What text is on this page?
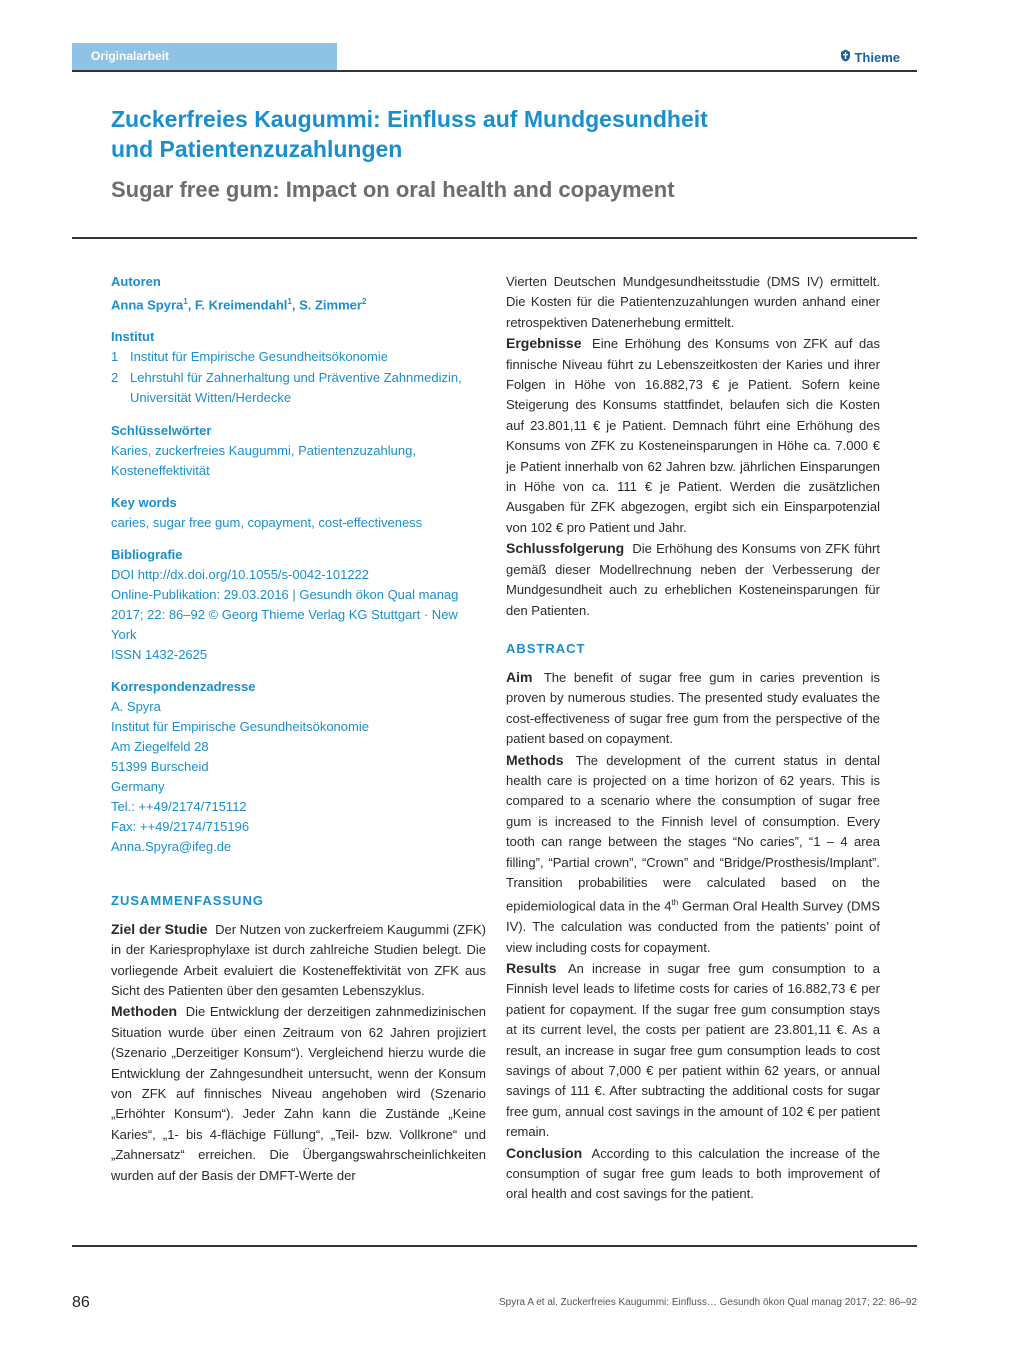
Originalarbeit	Thieme
Zuckerfreies Kaugummi: Einfluss auf Mundgesundheit
und Patientenzuzahlungen
Sugar free gum: Impact on oral health and copayment
Autoren
Anna Spyra$^1$, F. Kreimendahl$^1$, S. Zimmer$^2$
Institut
1 Institut für Empirische Gesundheitsökonomie
2 Lehrstuhl für Zahnerhaltung und Präventive Zahnmedizin, Universität Witten/Herdecke
Schlüsselwörter
Karies, zuckerfreies Kaugummi, Patientenzuzahlung, Kosteneffektivität
Key words
caries, sugar free gum, copayment, cost-effectiveness
Bibliografie
DOI http://dx.doi.org/10.1055/s-0042-101222
Online-Publikation: 29.03.2016 | Gesundh ökon Qual manag 2017; 22: 86–92 © Georg Thieme Verlag KG Stuttgart · New York
ISSN 1432-2625
Korrespondenzadresse
A. Spyra
Institut für Empirische Gesundheitsökonomie
Am Ziegelfeld 28
51399 Burscheid
Germany
Tel.: ++49/2174/715112
Fax: ++49/2174/715196
Anna.Spyra@ifeg.de
ZUSAMMENFASSUNG

Ziel der Studie Der Nutzen von zuckerfreiem Kaugummi (ZFK) in der Kariesprophylaxe ist durch zahlreiche Studien belegt. Die vorliegende Arbeit evaluiert die Kosteneffektivität von ZFK aus Sicht des Patienten über den gesamten Lebenszyklus.

Methoden Die Entwicklung der derzeitigen zahnmedizinischen Situation wurde über einen Zeitraum von 62 Jahren projiziert (Szenario „Derzeitiger Konsum“). Vergleichend hierzu wurde die Entwicklung der Zahngesundheit untersucht, wenn der Konsum von ZFK auf finnisches Niveau angehoben wird (Szenario „Erhöhter Konsum“). Jeder Zahn kann die Zustände „Keine Karies“, „1- bis 4-flächige Füllung“, „Teil- bzw. Vollkrone“ und „Zahnersatz“ erreichen. Die Übergangswahrscheinlichkeiten wurden auf der Basis der DMFT-Werte der

Vierten Deutschen Mundgesundheitsstudie (DMS IV) ermittelt. Die Kosten für die Patientenzuzahlungen wurden anhand einer retrospektiven Datenerhebung ermittelt.

Ergebnisse Eine Erhöhung des Konsums von ZFK auf das finnische Niveau führt zu Lebenszeitkosten der Karies und ihrer Folgen in Höhe von 16.882,73 € je Patient. Sofern keine Steigerung des Konsums stattfindet, belaufen sich die Kosten auf 23.801,11 € je Patient. Demnach führt eine Erhöhung des Konsums von ZFK zu Kosteneinsparungen in Höhe ca. 7.000 € je Patient innerhalb von 62 Jahren bzw. jährlichen Einsparungen in Höhe von ca. 111 € je Patient. Werden die zusätzlichen Ausgaben für ZFK abgezogen, ergibt sich ein Einsparpotenzial von 102 € pro Patient und Jahr.

Schlussfolgerung Die Erhöhung des Konsums von ZFK führt gemäß dieser Modellrechnung neben der Verbesserung der Mundgesundheit auch zu erheblichen Kosteneinsparungen für den Patienten.

ABSTRACT

Aim The benefit of sugar free gum in caries prevention is proven by numerous studies. The presented study evaluates the cost-effectiveness of sugar free gum from the perspective of the patient based on copayment.

Methods The development of the current status in dental health care is projected on a time horizon of 62 years. This is compared to a scenario where the consumption of sugar free gum is increased to the Finnish level of consumption. Every tooth can range between the stages “No caries”, “1 – 4 area filling”, “Partial crown”, “Crown” and “Bridge/Prosthesis/Implant”. Transition probabilities were calculated based on the epidemiological data in the 4th German Oral Health Survey (DMS IV). The calculation was conducted from the patients’ point of view including costs for copayment.

Results An increase in sugar free gum consumption to a Finnish level leads to lifetime costs for caries of 16.882,73 € per patient for copayment. If the sugar free gum consumption stays at its current level, the costs per patient are 23.801,11 €. As a result, an increase in sugar free gum consumption leads to cost savings of about 7,000 € per patient within 62 years, or annual savings of 111 €. After subtracting the additional costs for sugar free gum, annual cost savings in the amount of 102 € per patient remain.

Conclusion According to this calculation the increase of the consumption of sugar free gum leads to both improvement of oral health and cost savings for the patient.

86	Spyra A et al. Zuckerfreies Kaugummi: Einfluss… Gesundh ökon Qual manag 2017; 22: 86–92
